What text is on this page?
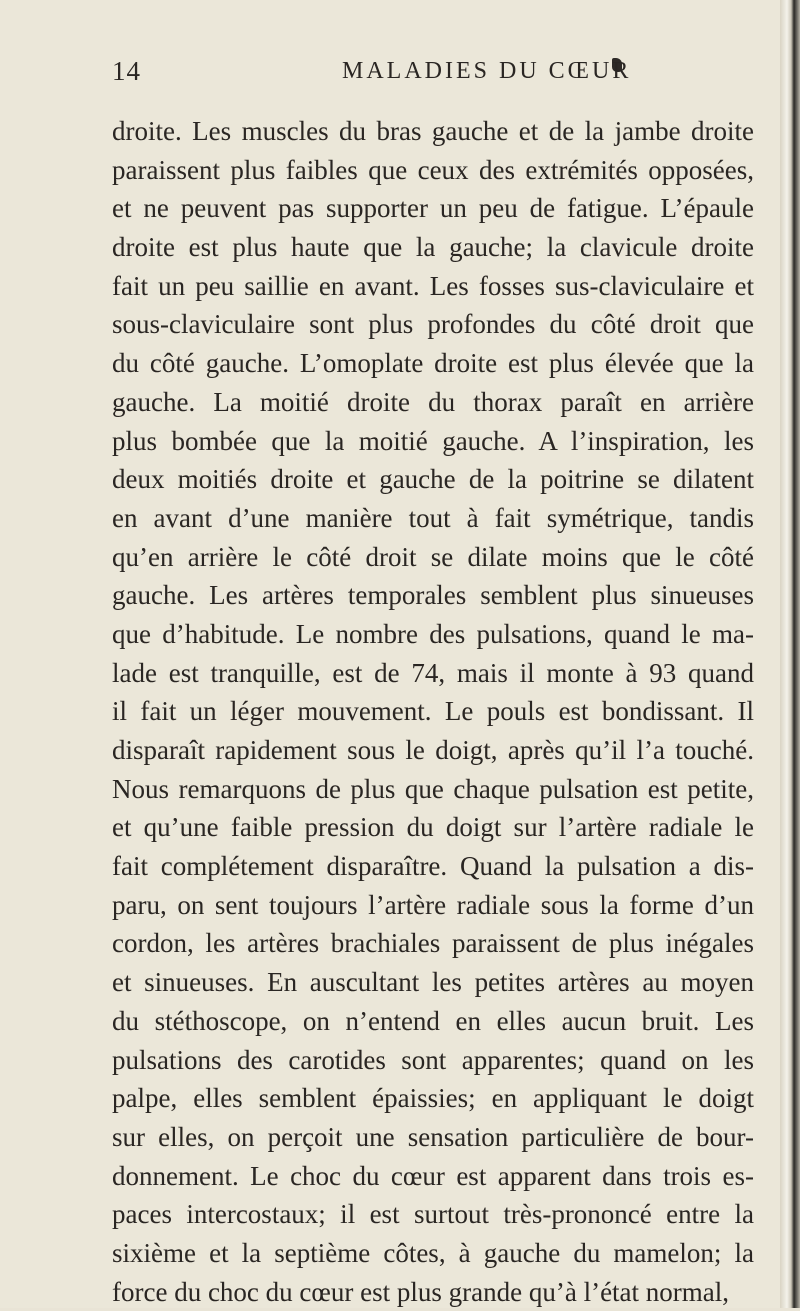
14	MALADIES DU CŒUR
droite. Les muscles du bras gauche et de la jambe droite
paraissent plus faibles que ceux des extrémités opposées,
et ne peuvent pas supporter un peu de fatigue. L’épaule
droite est plus haute que la gauche; la clavicule droite
fait un peu saillie en avant. Les fosses sus-claviculaire et
sous-claviculaire sont plus profondes du côté droit que
du côté gauche. L’omoplate droite est plus élevée que la
gauche. La moitié droite du thorax paraît en arrière
plus bombée que la moitié gauche. A l’inspiration, les
deux moitiés droite et gauche de la poitrine se dilatent
en avant d’une manière tout à fait symétrique, tandis
qu’en arrière le côté droit se dilate moins que le côté
gauche. Les artères temporales semblent plus sinueuses
que d’habitude. Le nombre des pulsations, quand le ma-
lade est tranquille, est de 74, mais il monte à 93 quand
il fait un léger mouvement. Le pouls est bondissant. Il
disparaît rapidement sous le doigt, après qu’il l’a touché.
Nous remarquons de plus que chaque pulsation est petite,
et qu’une faible pression du doigt sur l’artère radiale le
fait complétement disparaître. Quand la pulsation a dis-
paru, on sent toujours l’artère radiale sous la forme d’un
cordon, les artères brachiales paraissent de plus inégales
et sinueuses. En auscultant les petites artères au moyen
du stéthoscope, on n’entend en elles aucun bruit. Les
pulsations des carotides sont apparentes; quand on les
palpe, elles semblent épaissies; en appliquant le doigt
sur elles, on perçoit une sensation particulière de bour-
donnement. Le choc du cœur est apparent dans trois es-
paces intercostaux; il est surtout très-prononcé entre la
sixième et la septième côtes, à gauche du mamelon; la
force du choc du cœur est plus grande qu’à l’état normal,
